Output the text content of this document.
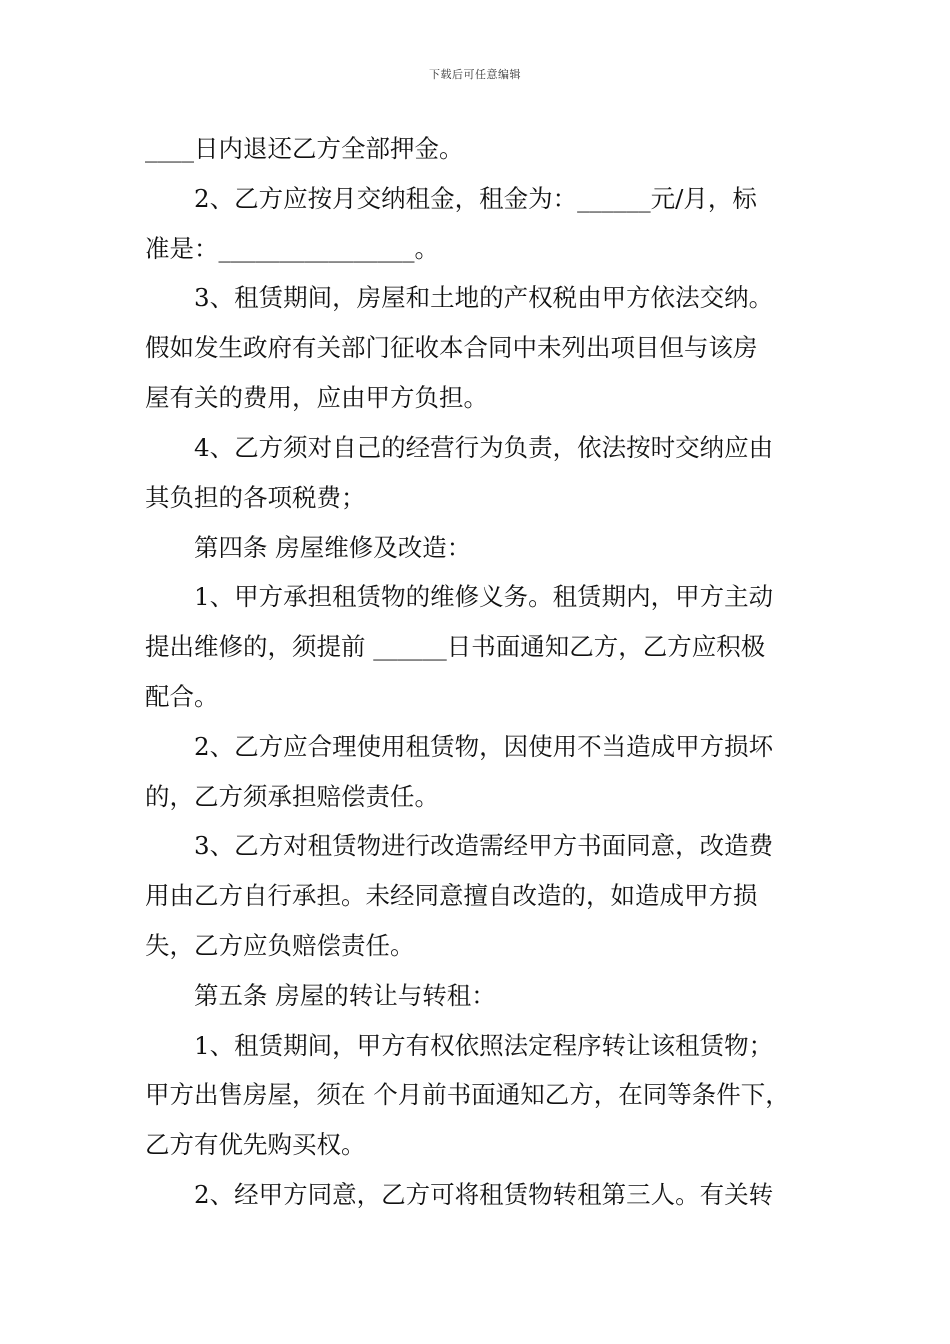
下载后可任意编辑
____日内退还乙方全部押金。
2、乙方应按月交纳租金，租金为：______元/月，标
准是：________________。
3、租赁期间，房屋和土地的产权税由甲方依法交纳。
假如发生政府有关部门征收本合同中未列出项目但与该房
屋有关的费用，应由甲方负担。
4、乙方须对自己的经营行为负责，依法按时交纳应由
其负担的各项税费；
第四条 房屋维修及改造：
1、甲方承担租赁物的维修义务。租赁期内，甲方主动
提出维修的，须提前 ______日书面通知乙方，乙方应积极
配合。
2、乙方应合理使用租赁物，因使用不当造成甲方损坏
的，乙方须承担赔偿责任。
3、乙方对租赁物进行改造需经甲方书面同意，改造费
用由乙方自行承担。未经同意擅自改造的，如造成甲方损
失，乙方应负赔偿责任。
第五条 房屋的转让与转租：
1、租赁期间，甲方有权依照法定程序转让该租赁物；
甲方出售房屋，须在 个月前书面通知乙方，在同等条件下，
乙方有优先购买权。
2、经甲方同意，乙方可将租赁物转租第三人。有关转
